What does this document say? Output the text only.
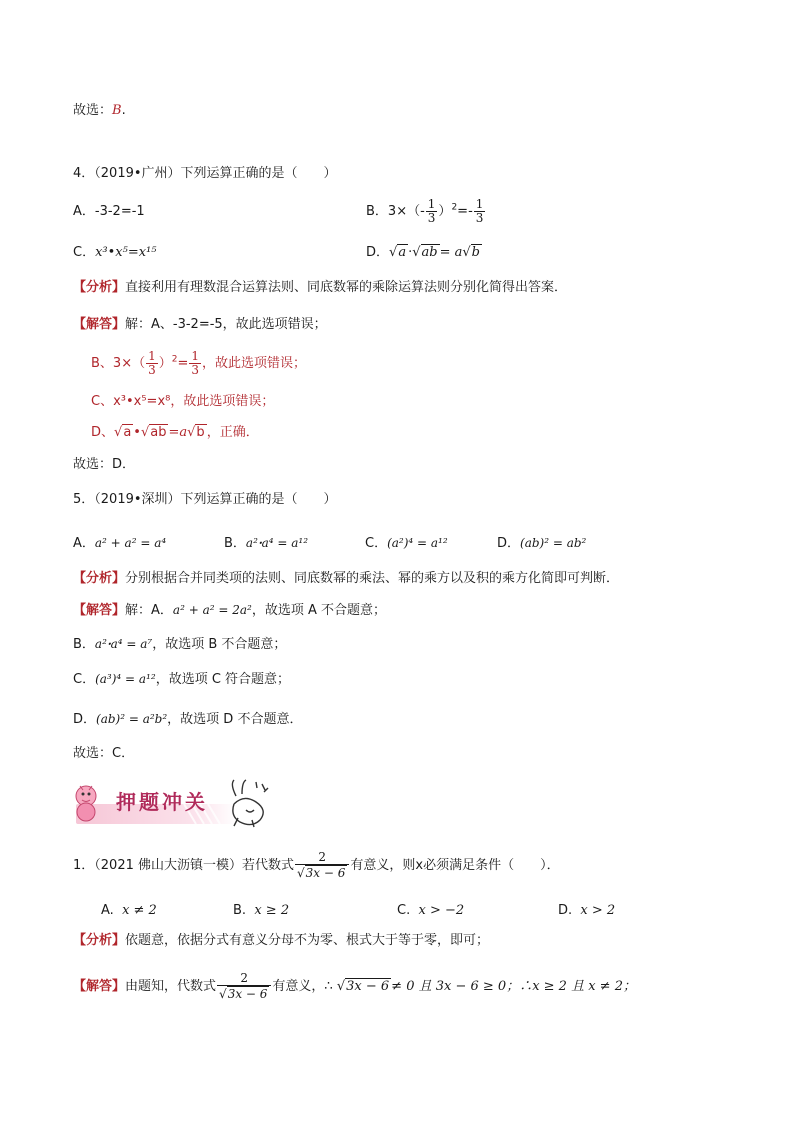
故选：B.
4．（2019•广州）下列运算正确的是（　　）
A．-3-2=-1	B．$3\times(- \frac{1}{3} )^2=- \frac{1}{3}$
C．x³•x⁵=x¹⁵	D．√a ·√ab = a√b
【分析】直接利用有理数混合运算法则、同底数幂的乘除运算法则分别化简得出答案．
【解答】解：A、-3-2=-5，故此选项错误；
B、$3\times( \frac{1}{3} )^2= \frac{1}{3}$ ，故此选项错误；
C、x³•x⁵=x⁸，故此选项错误；
D、√a •√ab =a√b ，正确．
故选：D．
5．（2019•深圳）下列运算正确的是（　　）
A．a² + a² = a⁴	B．a²ꞏa⁴ = a¹²	C．(a²)⁴ = a¹²	D．(ab)² = ab²
【分析】分别根据合并同类项的法则、同底数幂的乘法、幂的乘方以及积的乘方化简即可判断．
【解答】解：A．a² + a² = 2a²，故选项 A 不合题意；
B．a²ꞏa⁴ = a⁷，故选项 B 不合题意；
C．(a³)⁴ = a¹²，故选项 C 符合题意；
D．(ab)² = a²b²，故选项 D 不合题意．
故选：C．
押题冲关
1．（2021 佛山大沥镇一模）若代数式 $\frac{2}{√3x - 6}$ 有意义，则x必须满足条件（　　）．
A. x ≠ 2	B. x ≥ 2	C. x > −2	D. x > 2
【分析】依题意，依据分式有意义分母不为零、根式大于等于零，即可；
【解答】由题知，代数式 $\frac{2}{√3x - 6}$ 有意义，∴ √3x − 6 ≠ 0 且 3x − 6 ≥ 0；∴x ≥ 2 且 x ≠ 2；
